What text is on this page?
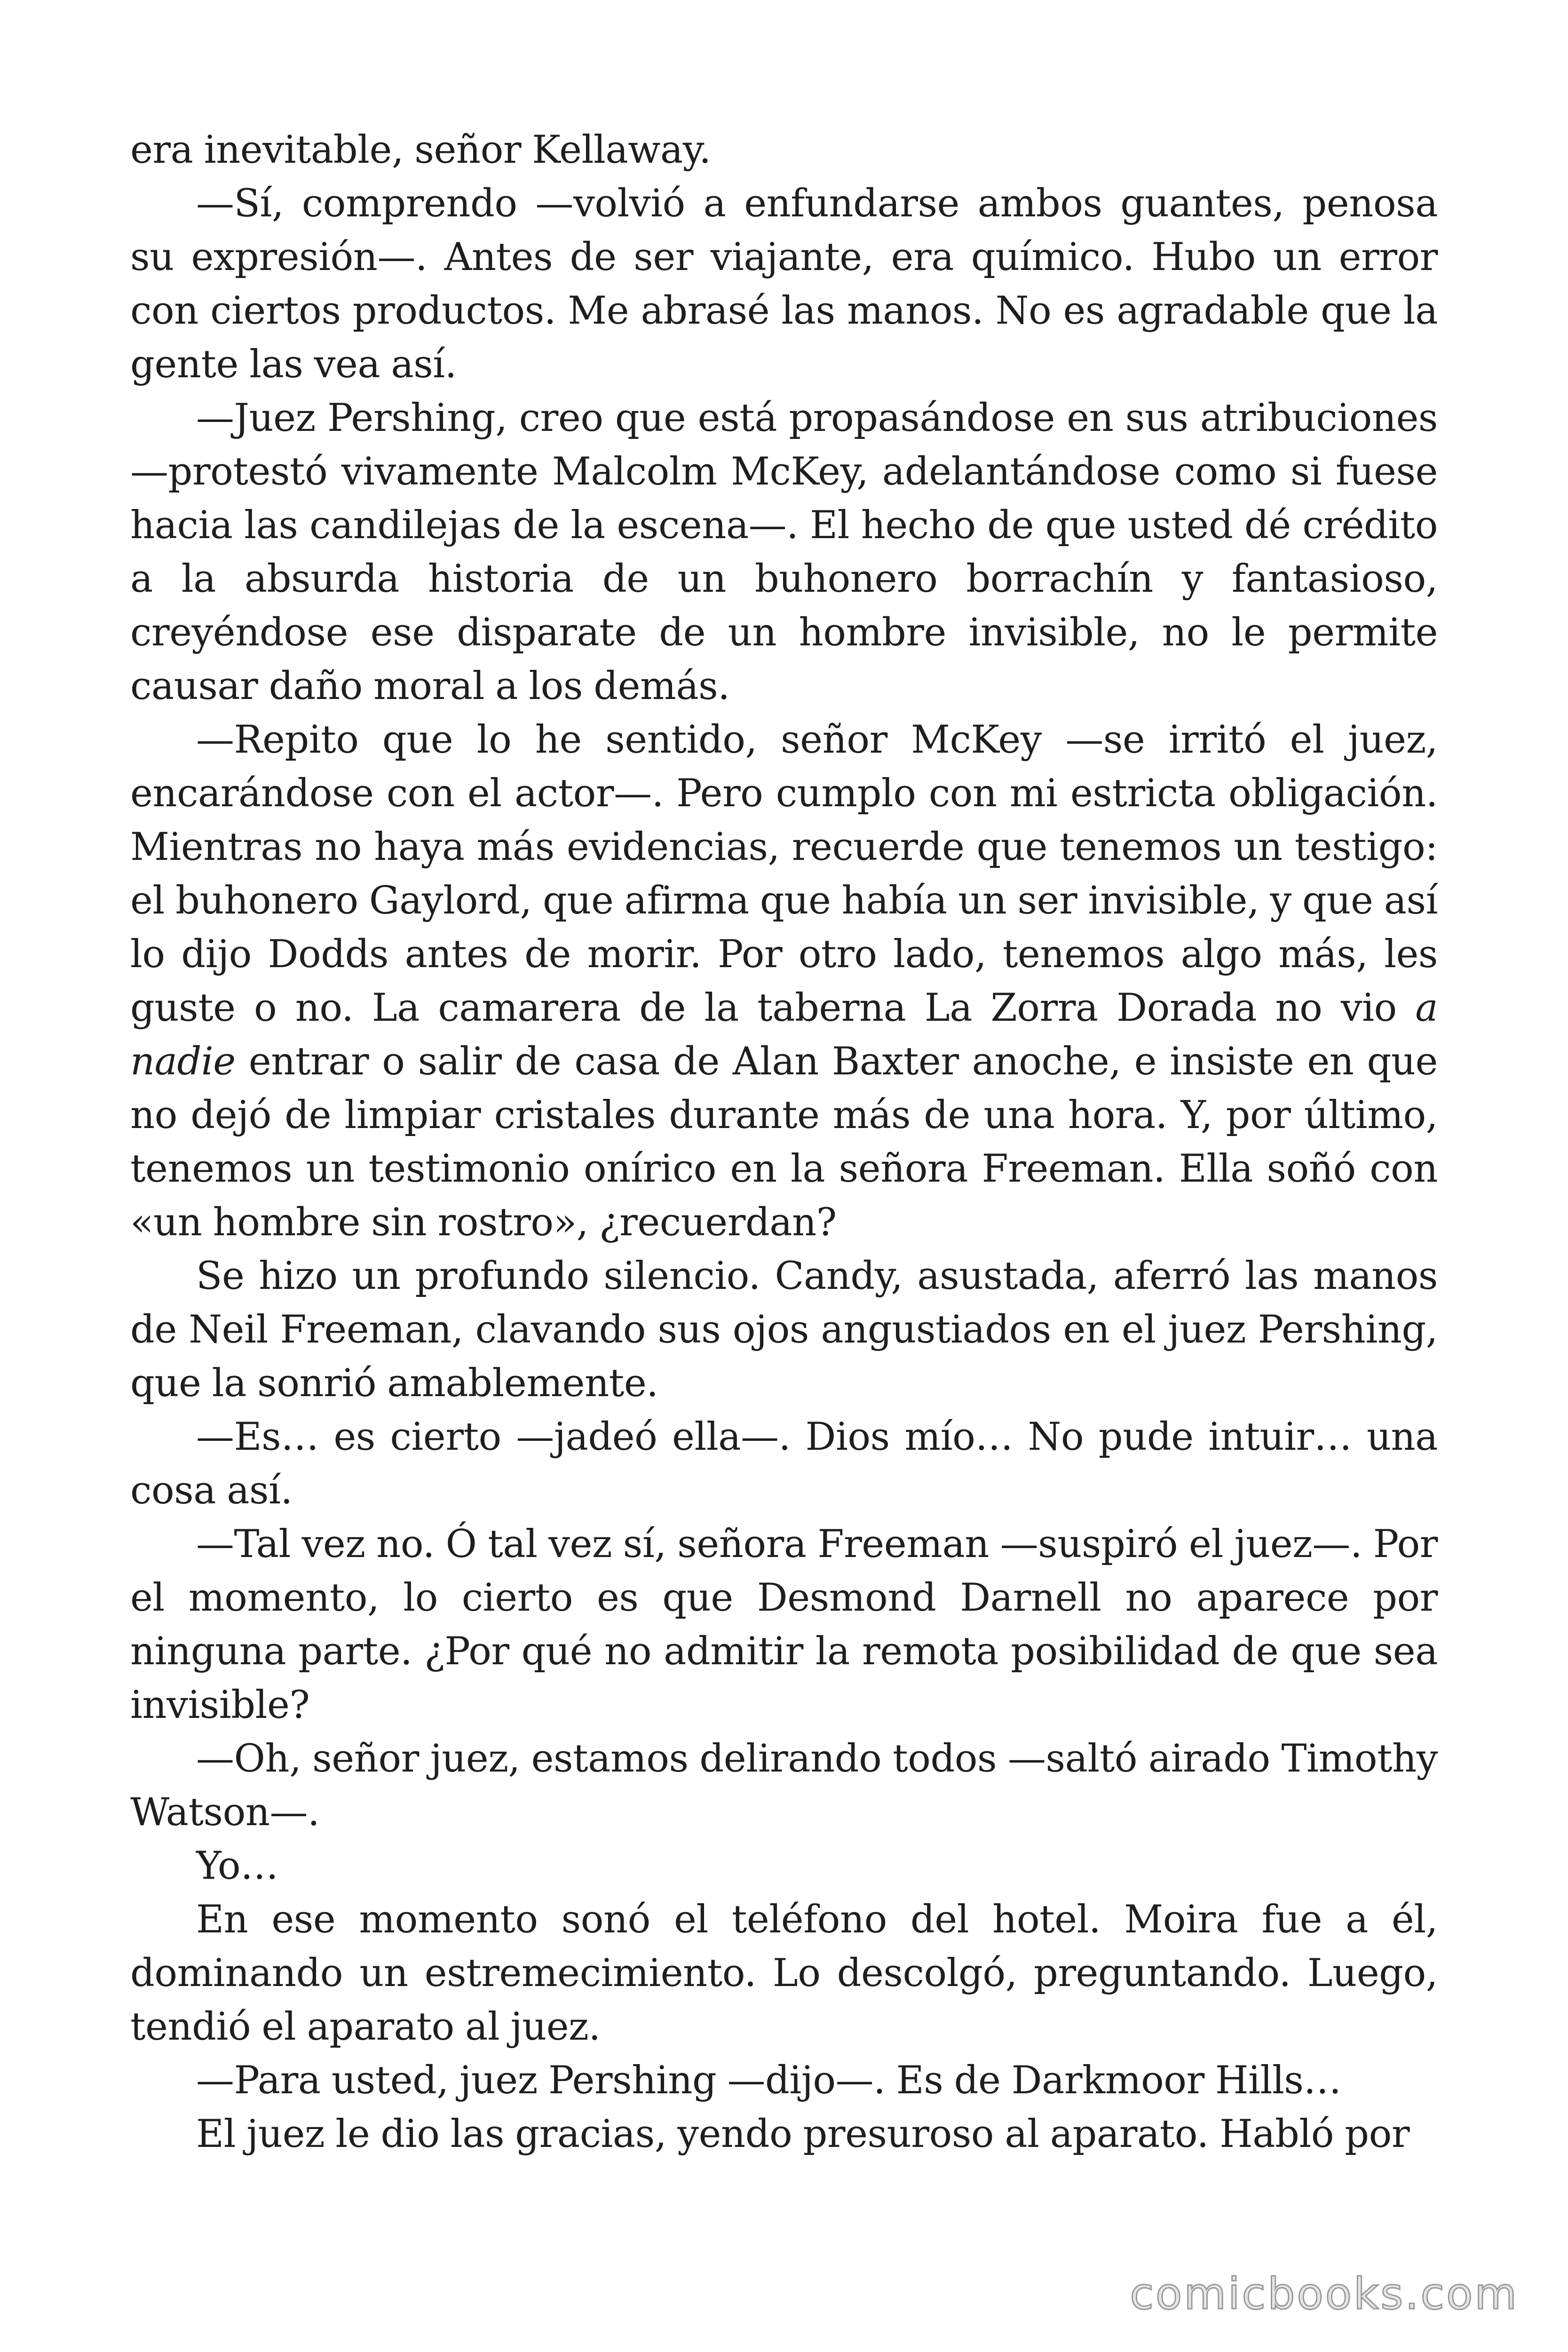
era inevitable, señor Kellaway.

—Sí, comprendo —volvió a enfundarse ambos guantes, penosa su expresión—. Antes de ser viajante, era químico. Hubo un error con ciertos productos. Me abrasé las manos. No es agradable que la gente las vea así.

—Juez Pershing, creo que está propasándose en sus atribuciones —protestó vivamente Malcolm McKey, adelantándose como si fuese hacia las candilejas de la escena—. El hecho de que usted dé crédito a la absurda historia de un buhonero borrachín y fantasioso, creyéndose ese disparate de un hombre invisible, no le permite causar daño moral a los demás.

—Repito que lo he sentido, señor McKey —se irritó el juez, encarándose con el actor—. Pero cumplo con mi estricta obligación. Mientras no haya más evidencias, recuerde que tenemos un testigo: el buhonero Gaylord, que afirma que había un ser invisible, y que así lo dijo Dodds antes de morir. Por otro lado, tenemos algo más, les guste o no. La camarera de la taberna La Zorra Dorada no vio a nadie entrar o salir de casa de Alan Baxter anoche, e insiste en que no dejó de limpiar cristales durante más de una hora. Y, por último, tenemos un testimonio onírico en la señora Freeman. Ella soñó con «un hombre sin rostro», ¿recuerdan?

Se hizo un profundo silencio. Candy, asustada, aferró las manos de Neil Freeman, clavando sus ojos angustiados en el juez Pershing, que la sonrió amablemente.

—Es… es cierto —jadeó ella—. Dios mío… No pude intuir… una cosa así.

—Tal vez no. Ó tal vez sí, señora Freeman —suspiró el juez—. Por el momento, lo cierto es que Desmond Darnell no aparece por ninguna parte. ¿Por qué no admitir la remota posibilidad de que sea invisible?

—Oh, señor juez, estamos delirando todos —saltó airado Timothy Watson—.

Yo…

En ese momento sonó el teléfono del hotel. Moira fue a él, dominando un estremecimiento. Lo descolgó, preguntando. Luego, tendió el aparato al juez.

—Para usted, juez Pershing —dijo—. Es de Darkmoor Hills…

El juez le dio las gracias, yendo presuroso al aparato. Habló por

comicbooks.com
